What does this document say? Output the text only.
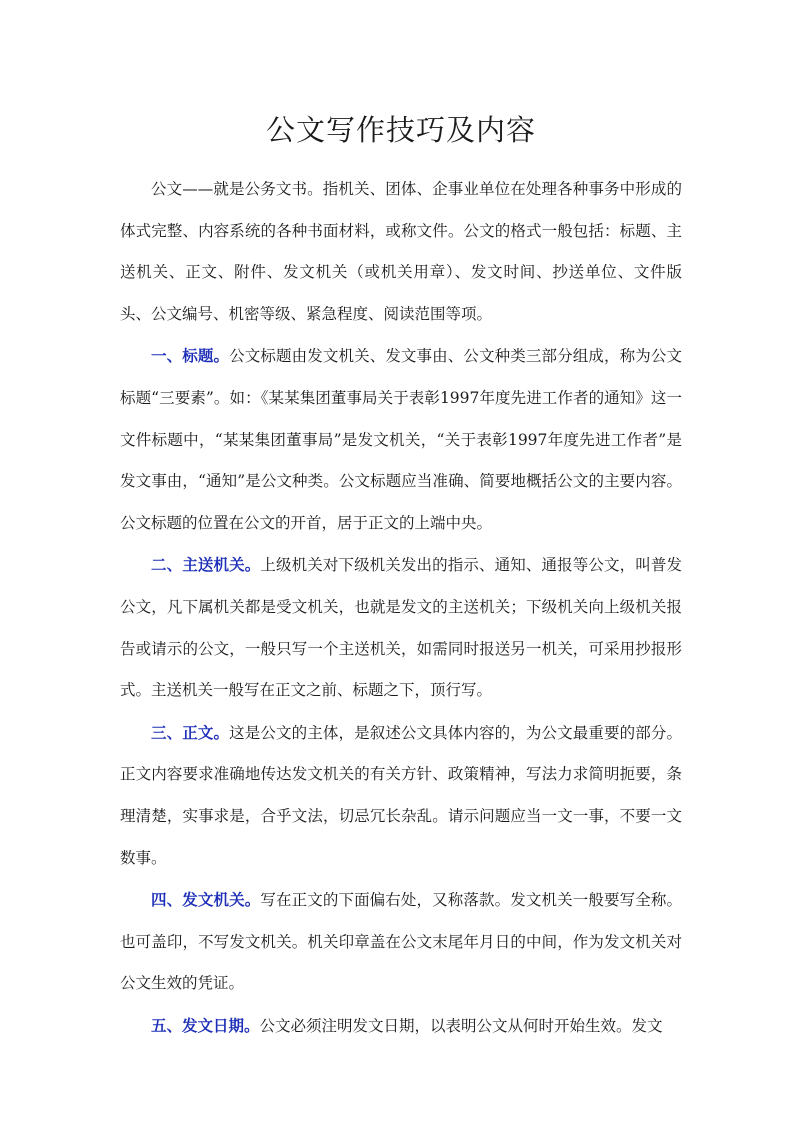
公文写作技巧及内容

公文——就是公务文书。指机关、团体、企事业单位在处理各种事务中形成的体式完整、内容系统的各种书面材料，或称文件。公文的格式一般包括：标题、主送机关、正文、附件、发文机关（或机关用章）、发文时间、抄送单位、文件版头、公文编号、机密等级、紧急程度、阅读范围等项。

一、标题。公文标题由发文机关、发文事由、公文种类三部分组成，称为公文标题“三要素”。如：《某某集团董事局关于表彰1997年度先进工作者的通知》这一文件标题中，“某某集团董事局”是发文机关，“关于表彰1997年度先进工作者”是发文事由，“通知”是公文种类。公文标题应当准确、简要地概括公文的主要内容。公文标题的位置在公文的开首，居于正文的上端中央。

二、主送机关。上级机关对下级机关发出的指示、通知、通报等公文，叫普发公文，凡下属机关都是受文机关，也就是发文的主送机关；下级机关向上级机关报告或请示的公文，一般只写一个主送机关，如需同时报送另一机关，可采用抄报形式。主送机关一般写在正文之前、标题之下，顶行写。

三、正文。这是公文的主体，是叙述公文具体内容的，为公文最重要的部分。正文内容要求准确地传达发文机关的有关方针、政策精神，写法力求简明扼要，条理清楚，实事求是，合乎文法，切忌冗长杂乱。请示问题应当一文一事，不要一文数事。

四、发文机关。写在正文的下面偏右处，又称落款。发文机关一般要写全称。也可盖印，不写发文机关。机关印章盖在公文末尾年月日的中间，作为发文机关对公文生效的凭证。

五、发文日期。公文必须注明发文日期，以表明公文从何时开始生效。发文
